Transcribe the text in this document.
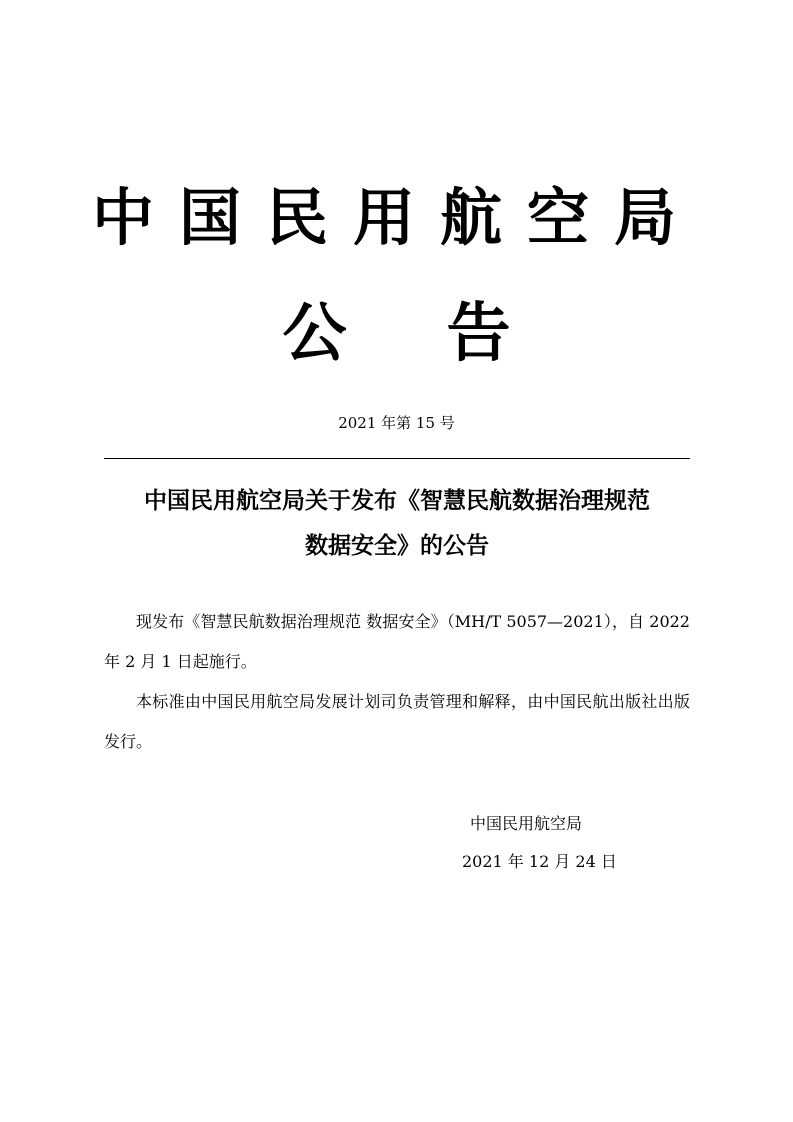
中国民用航空局
公告
2021 年第 15 号
中国民用航空局关于发布《智慧民航数据治理规范
数据安全》的公告

现发布《智慧民航数据治理规范 数据安全》（MH/T 5057—2021），自 2022 年 2 月 1 日起施行。

本标准由中国民用航空局发展计划司负责管理和解释，由中国民航出版社出版发行。

中国民用航空局
2021 年 12 月 24 日
